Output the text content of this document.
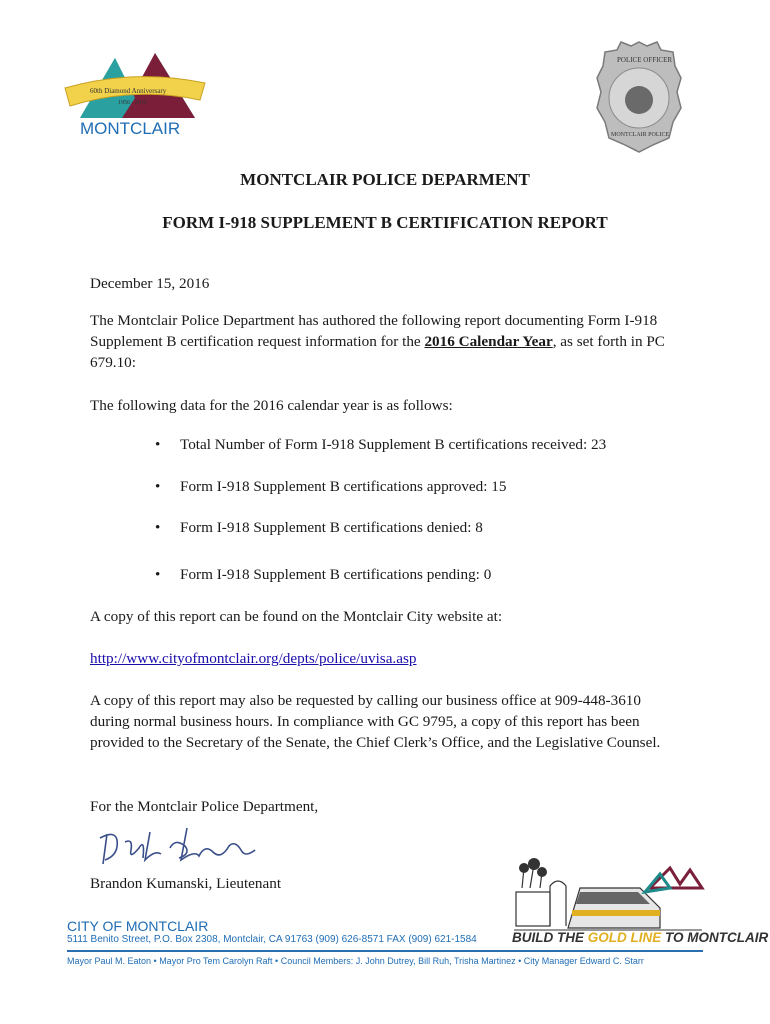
60th Diamond Anniversary
1956 - 2016
MONTCLAIR
POLICE OFFICER
MONTCLAIR POLICE
MONTCLAIR POLICE DEPARMENT
FORM I-918 SUPPLEMENT B CERTIFICATION REPORT
December 15, 2016
The Montclair Police Department has authored the following report documenting Form I-918 Supplement B certification request information for the 2016 Calendar Year, as set forth in PC 679.10:
The following data for the 2016 calendar year is as follows:
• Total Number of Form I-918 Supplement B certifications received: 23
• Form I-918 Supplement B certifications approved: 15
• Form I-918 Supplement B certifications denied: 8
• Form I-918 Supplement B certifications pending: 0
A copy of this report can be found on the Montclair City website at:
http://www.cityofmontclair.org/depts/police/uvisa.asp
A copy of this report may also be requested by calling our business office at 909-448-3610 during normal business hours. In compliance with GC 9795, a copy of this report has been provided to the Secretary of the Senate, the Chief Clerk’s Office, and the Legislative Counsel.
For the Montclair Police Department,
Brandon Kumanski, Lieutenant
BUILD THE GOLD LINE TO MONTCLAIR
CITY OF MONTCLAIR
5111 Benito Street, P.O. Box 2308, Montclair, CA 91763 (909) 626-8571 FAX (909) 621-1584
Mayor Paul M. Eaton • Mayor Pro Tem Carolyn Raft • Council Members: J. John Dutrey, Bill Ruh, Trisha Martinez • City Manager Edward C. Starr
